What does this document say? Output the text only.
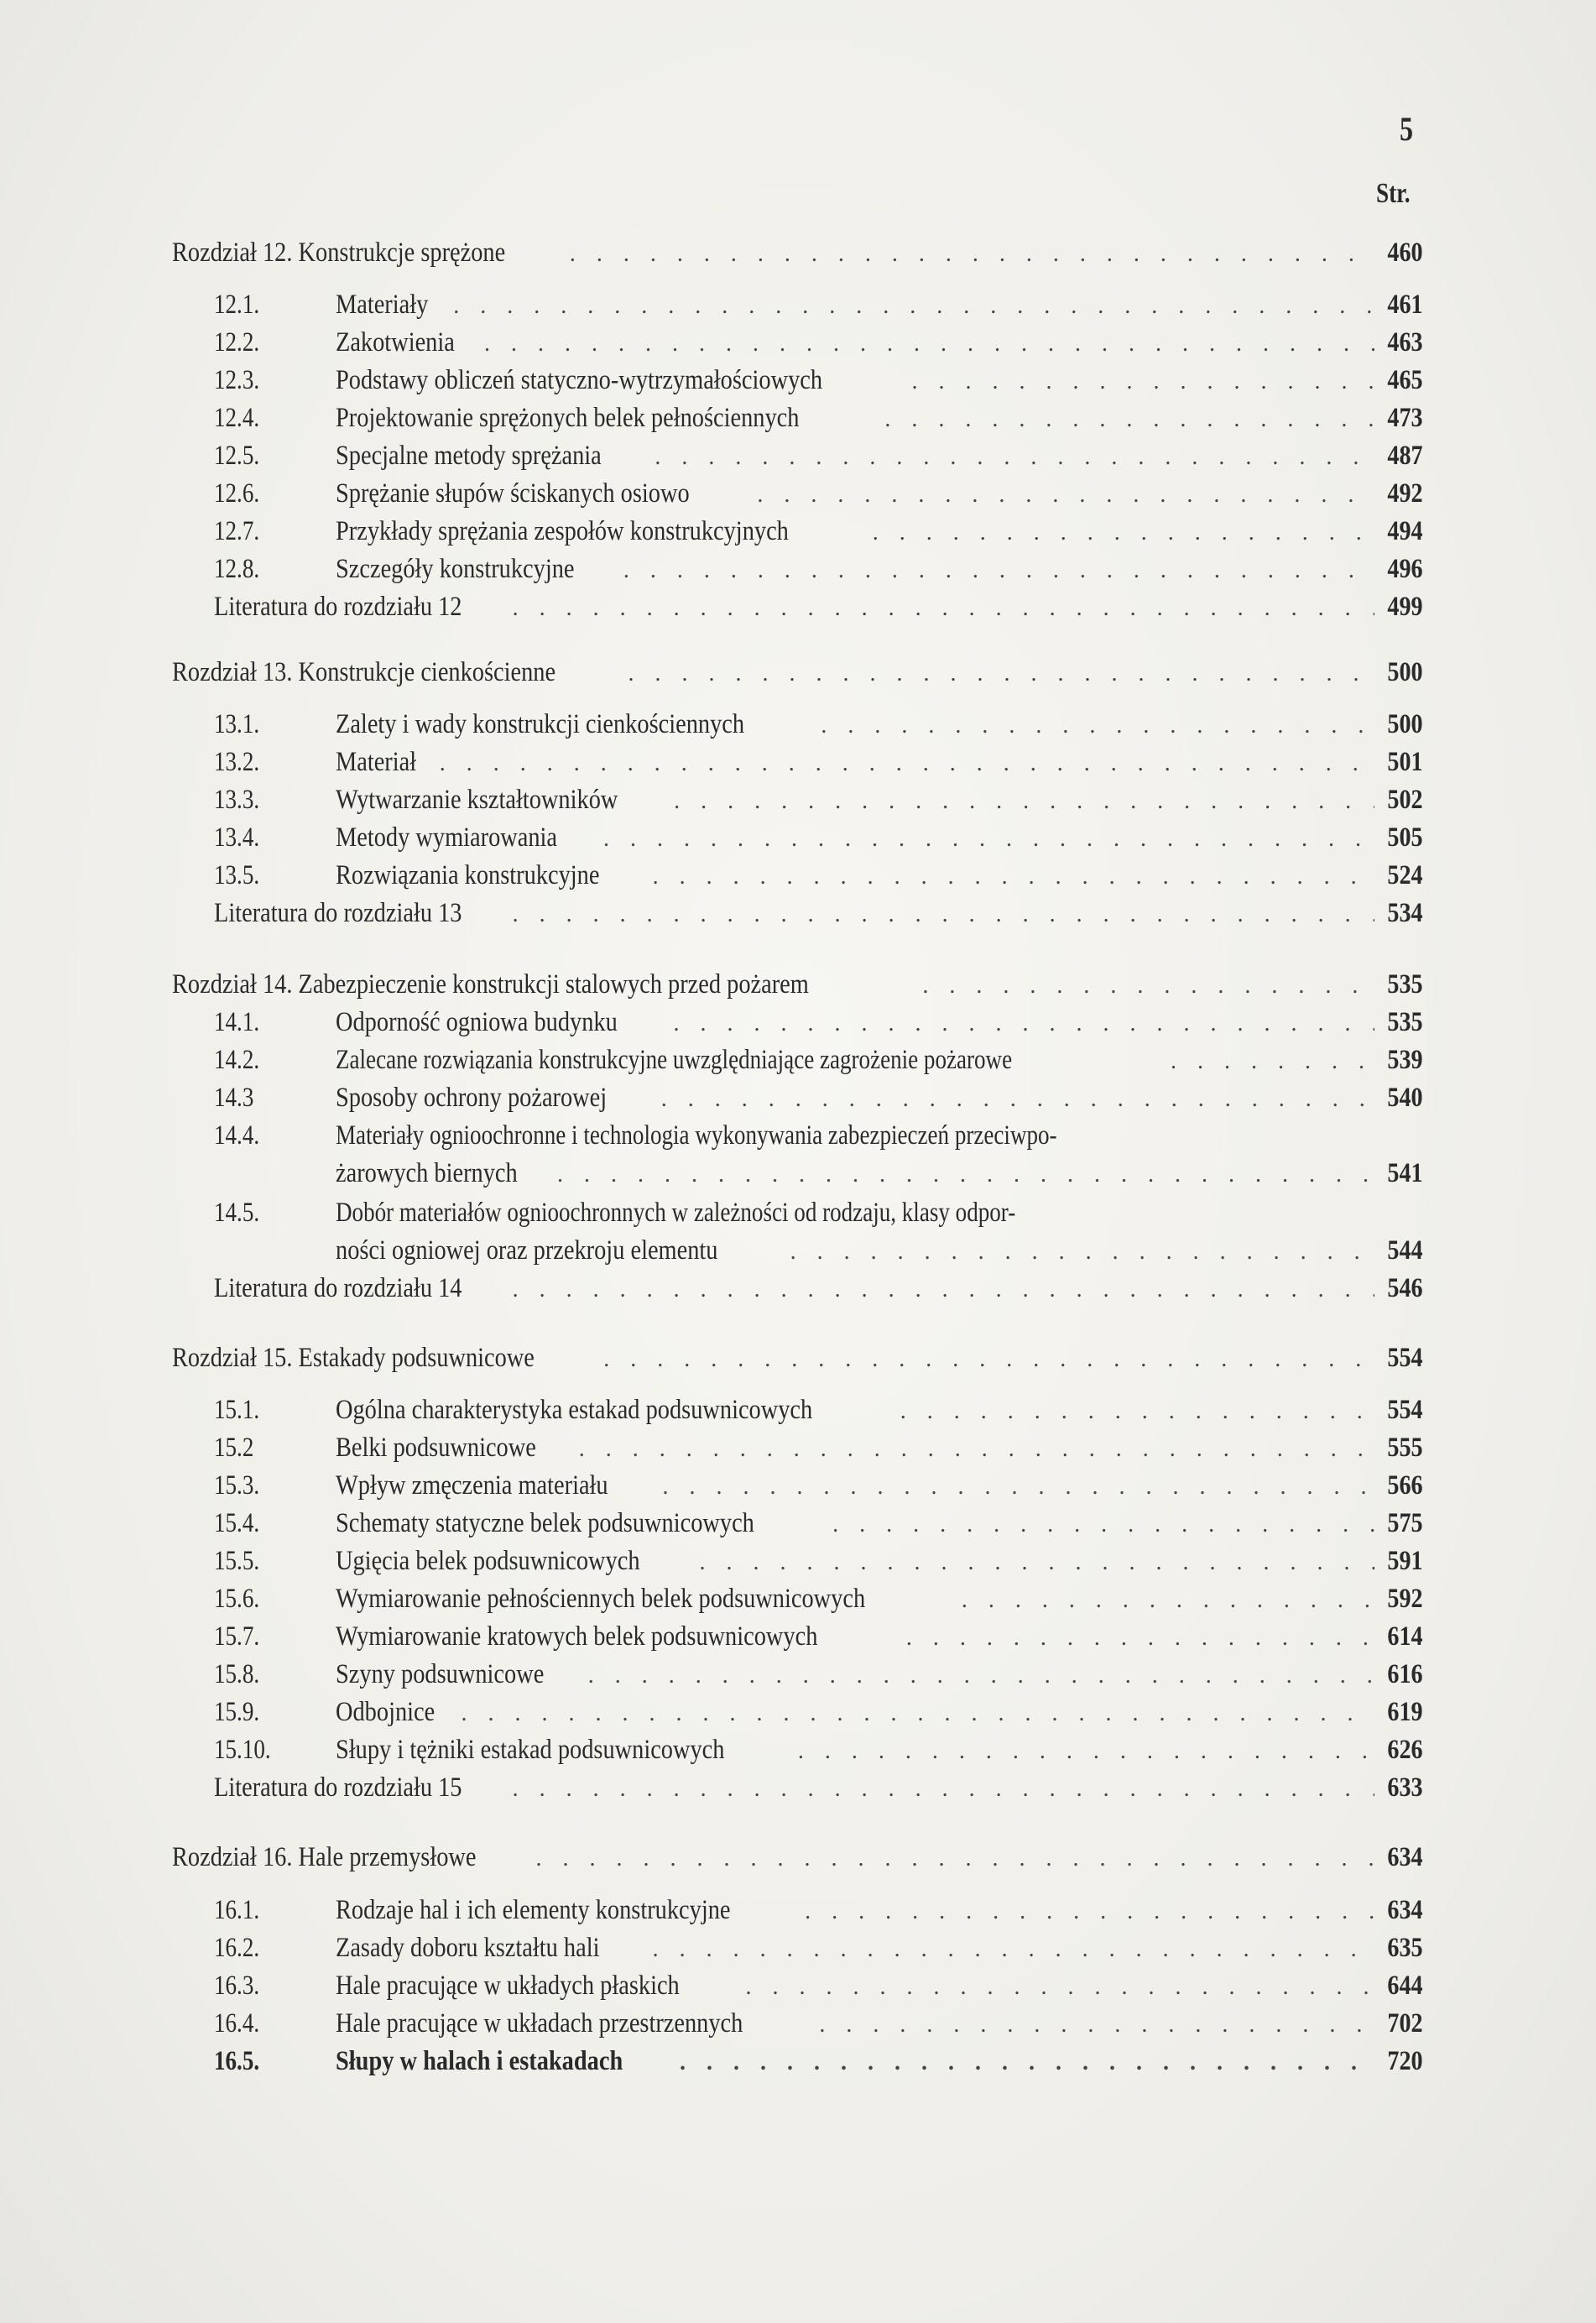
5
Str.
Rozdział 12. Konstrukcje sprężone . . .	460
12.1.	Materiały . . .	461
12.2.	Zakotwienia . . .	463
12.3.	Podstawy obliczeń statyczno-wytrzymałościowych . . .	465
12.4.	Projektowanie sprężonych belek pełnościennych . . .	473
12.5.	Specjalne metody sprężania . . .	487
12.6.	Sprężanie słupów ściskanych osiowo . . .	492
12.7.	Przykłady sprężania zespołów konstrukcyjnych . . .	494
12.8.	Szczegóły konstrukcyjne . . .	496
Literatura do rozdziału 12 . . .	499
Rozdział 13. Konstrukcje cienkościenne . . .	500
13.1.	Zalety i wady konstrukcji cienkościennych . . .	500
13.2.	Materiał . . .	501
13.3.	Wytwarzanie kształtowników . . .	502
13.4.	Metody wymiarowania . . .	505
13.5.	Rozwiązania konstrukcyjne . . .	524
Literatura do rozdziału 13 . . .	534
Rozdział 14. Zabezpieczenie konstrukcji stalowych przed pożarem . . .	535
14.1.	Odporność ogniowa budynku . . .	535
14.2.	Zalecane rozwiązania konstrukcyjne uwzględniające zagrożenie pożarowe . . .	539
14.3	Sposoby ochrony pożarowej . . .	540
14.4.	Materiały ognioochronne i technologia wykonywania zabezpieczeń przeciwpo-
żarowych biernych . . .	541
14.5.	Dobór materiałów ognioochronnych w zależności od rodzaju, klasy odpor-
ności ogniowej oraz przekroju elementu . . .	544
Literatura do rozdziału 14 . . .	546
Rozdział 15. Estakady podsuwnicowe . . .	554
15.1.	Ogólna charakterystyka estakad podsuwnicowych . . .	554
15.2	Belki podsuwnicowe . . .	555
15.3.	Wpływ zmęczenia materiału . . .	566
15.4.	Schematy statyczne belek podsuwnicowych . . .	575
15.5.	Ugięcia belek podsuwnicowych . . .	591
15.6.	Wymiarowanie pełnościennych belek podsuwnicowych . . .	592
15.7.	Wymiarowanie kratowych belek podsuwnicowych . . .	614
15.8.	Szyny podsuwnicowe . . .	616
15.9.	Odbojnice . . .	619
15.10. Słupy i tężniki estakad podsuwnicowych . . .	626
Literatura do rozdziału 15 . . .	633
Rozdział 16. Hale przemysłowe . . .	634
16.1.	Rodzaje hal i ich elementy konstrukcyjne . . .	634
16.2.	Zasady doboru kształtu hali . . .	635
16.3.	Hale pracujące w układych płaskich . . .	644
16.4.	Hale pracujące w układach przestrzennych . . .	702
16.5.	Słupy w halach i estakadach . . .	720
